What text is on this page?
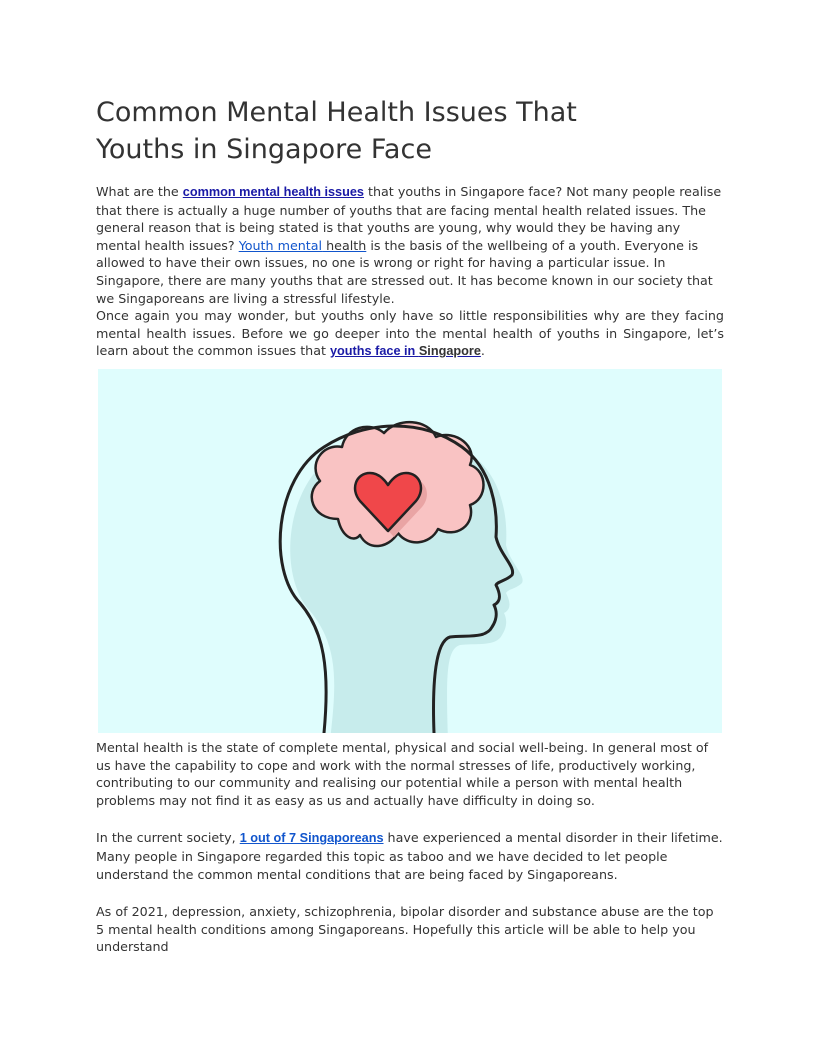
Common Mental Health Issues That Youths in Singapore Face

What are the common mental health issues that youths in Singapore face? Not many people realise that there is actually a huge number of youths that are facing mental health related issues. The general reason that is being stated is that youths are young, why would they be having any mental health issues? Youth mental health is the basis of the wellbeing of a youth. Everyone is allowed to have their own issues, no one is wrong or right for having a particular issue. In Singapore, there are many youths that are stressed out. It has become known in our society that we Singaporeans are living a stressful lifestyle.

Once again you may wonder, but youths only have so little responsibilities why are they facing mental health issues. Before we go deeper into the mental health of youths in Singapore, let’s learn about the common issues that youths face in Singapore.

Mental health is the state of complete mental, physical and social well-being. In general most of us have the capability to cope and work with the normal stresses of life, productively working, contributing to our community and realising our potential while a person with mental health problems may not find it as easy as us and actually have difficulty in doing so.

In the current society, 1 out of 7 Singaporeans have experienced a mental disorder in their lifetime. Many people in Singapore regarded this topic as taboo and we have decided to let people understand the common mental conditions that are being faced by Singaporeans.

As of 2021, depression, anxiety, schizophrenia, bipolar disorder and substance abuse are the top 5 mental health conditions among Singaporeans. Hopefully this article will be able to help you understand
